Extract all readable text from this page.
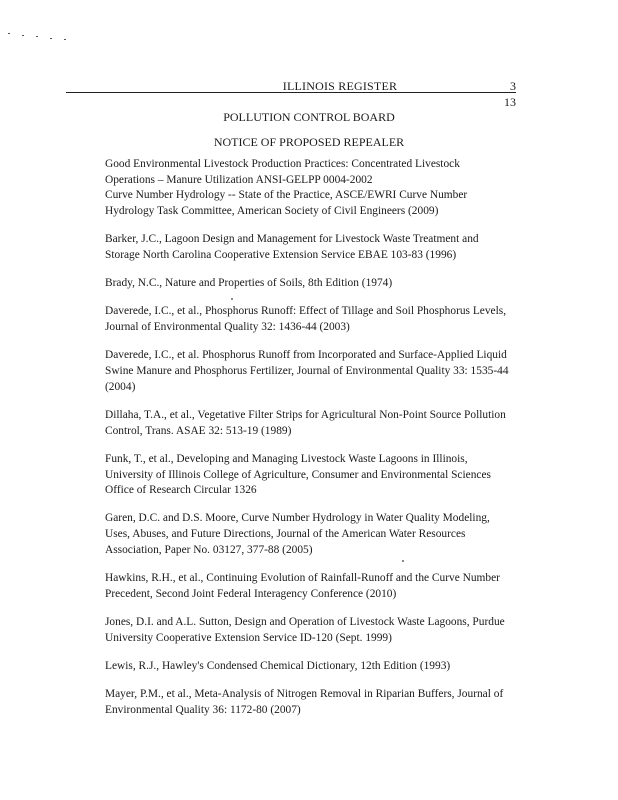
ILLINOIS REGISTER	3
13
POLLUTION CONTROL BOARD
NOTICE OF PROPOSED REPEALER

Good Environmental Livestock Production Practices: Concentrated Livestock

Operations – Manure Utilization ANSI-GELPP 0004-2002

Curve Number Hydrology -- State of the Practice, ASCE/EWRI Curve Number

Hydrology Task Committee, American Society of Civil Engineers (2009)

Barker, J.C., Lagoon Design and Management for Livestock Waste Treatment and

Storage North Carolina Cooperative Extension Service EBAE 103-83 (1996)

Brady, N.C., Nature and Properties of Soils, 8th Edition (1974)

Daverede, I.C., et al., Phosphorus Runoff: Effect of Tillage and Soil Phosphorus Levels,

Journal of Environmental Quality 32: 1436-44 (2003)

Daverede, I.C., et al. Phosphorus Runoff from Incorporated and Surface-Applied Liquid

Swine Manure and Phosphorus Fertilizer, Journal of Environmental Quality 33: 1535-44

(2004)

Dillaha, T.A., et al., Vegetative Filter Strips for Agricultural Non-Point Source Pollution

Control, Trans. ASAE 32: 513-19 (1989)

Funk, T., et al., Developing and Managing Livestock Waste Lagoons in Illinois,

University of Illinois College of Agriculture, Consumer and Environmental Sciences

Office of Research Circular 1326

Garen, D.C. and D.S. Moore, Curve Number Hydrology in Water Quality Modeling,

Uses, Abuses, and Future Directions, Journal of the American Water Resources

Association, Paper No. 03127, 377-88 (2005)

Hawkins, R.H., et al., Continuing Evolution of Rainfall-Runoff and the Curve Number

Precedent, Second Joint Federal Interagency Conference (2010)

Jones, D.I. and A.L. Sutton, Design and Operation of Livestock Waste Lagoons, Purdue

University Cooperative Extension Service ID-120 (Sept. 1999)

Lewis, R.J., Hawley's Condensed Chemical Dictionary, 12th Edition (1993)

Mayer, P.M., et al., Meta-Analysis of Nitrogen Removal in Riparian Buffers, Journal of

Environmental Quality 36: 1172-80 (2007)
